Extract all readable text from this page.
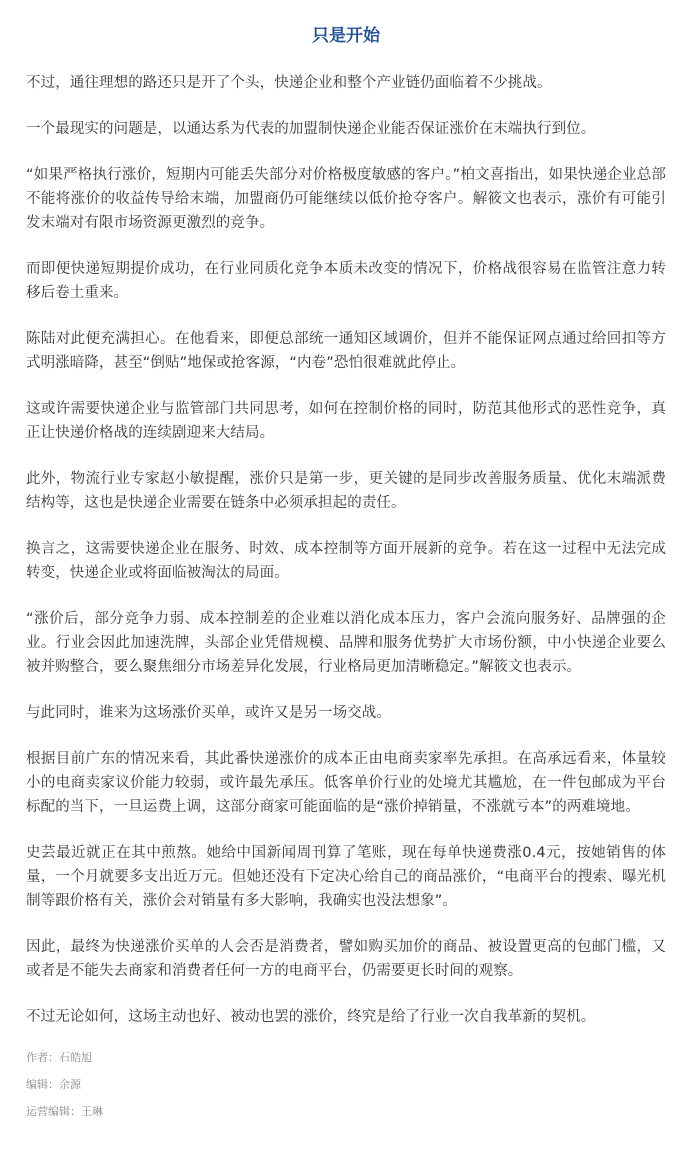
只是开始

不过，通往理想的路还只是开了个头，快递企业和整个产业链仍面临着不少挑战。

一个最现实的问题是，以通达系为代表的加盟制快递企业能否保证涨价在末端执行到位。

“如果严格执行涨价，短期内可能丢失部分对价格极度敏感的客户。”柏文喜指出，如果快递企业总部不能将涨价的收益传导给末端，加盟商仍可能继续以低价抢夺客户。解筱文也表示，涨价有可能引发末端对有限市场资源更激烈的竞争。

而即便快递短期提价成功，在行业同质化竞争本质未改变的情况下，价格战很容易在监管注意力转移后卷土重来。

陈陆对此便充满担心。在他看来，即便总部统一通知区域调价，但并不能保证网点通过给回扣等方式明涨暗降，甚至“倒贴”地保或抢客源，“内卷”恐怕很难就此停止。

这或许需要快递企业与监管部门共同思考，如何在控制价格的同时，防范其他形式的恶性竞争，真正让快递价格战的连续剧迎来大结局。

此外，物流行业专家赵小敏提醒，涨价只是第一步，更关键的是同步改善服务质量、优化末端派费结构等，这也是快递企业需要在链条中必须承担起的责任。

换言之，这需要快递企业在服务、时效、成本控制等方面开展新的竞争。若在这一过程中无法完成转变，快递企业或将面临被淘汰的局面。

“涨价后，部分竞争力弱、成本控制差的企业难以消化成本压力，客户会流向服务好、品牌强的企业。行业会因此加速洗牌，头部企业凭借规模、品牌和服务优势扩大市场份额，中小快递企业要么被并购整合，要么聚焦细分市场差异化发展，行业格局更加清晰稳定。”解筱文也表示。

与此同时，谁来为这场涨价买单，或许又是另一场交战。

根据目前广东的情况来看，其此番快递涨价的成本正由电商卖家率先承担。在高承远看来，体量较小的电商卖家议价能力较弱，或许最先承压。低客单价行业的处境尤其尴尬，在一件包邮成为平台标配的当下，一旦运费上调，这部分商家可能面临的是“涨价掉销量，不涨就亏本”的两难境地。

史芸最近就正在其中煎熬。她给中国新闻周刊算了笔账，现在每单快递费涨0.4元，按她销售的体量，一个月就要多支出近万元。但她还没有下定决心给自己的商品涨价，“电商平台的搜索、曝光机制等跟价格有关，涨价会对销量有多大影响，我确实也没法想象”。

因此，最终为快递涨价买单的人会否是消费者，譬如购买加价的商品、被设置更高的包邮门槛，又或者是不能失去商家和消费者任何一方的电商平台，仍需要更长时间的观察。

不过无论如何，这场主动也好、被动也罢的涨价，终究是给了行业一次自我革新的契机。

作者：石皓旭
编辑：余源
运营编辑：王琳
